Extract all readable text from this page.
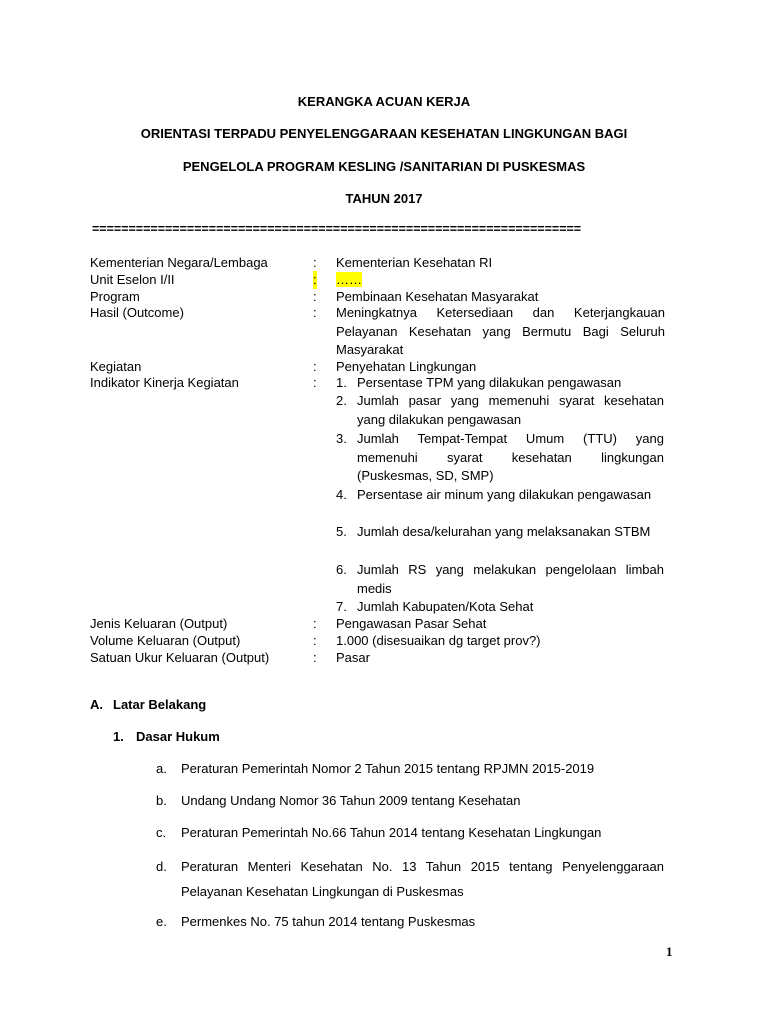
KERANGKA ACUAN KERJA
ORIENTASI TERPADU PENYELENGGARAAN KESEHATAN LINGKUNGAN BAGI
PENGELOLA PROGRAM KESLING /SANITARIAN DI PUSKESMAS
TAHUN 2017
===================================================================
Kementerian Negara/Lembaga	: Kementerian Kesehatan RI
Unit Eselon I/II	: ……
Program	: Pembinaan Kesehatan Masyarakat
Hasil (Outcome)	: Meningkatnya Ketersediaan dan Keterjangkauan Pelayanan Kesehatan yang Bermutu Bagi Seluruh Masyarakat
Kegiatan	: Penyehatan Lingkungan
Indikator Kinerja Kegiatan	: 1. Persentase TPM yang dilakukan pengawasan
2. Jumlah pasar yang memenuhi syarat kesehatan yang dilakukan pengawasan
3. Jumlah Tempat-Tempat Umum (TTU) yang memenuhi syarat kesehatan lingkungan (Puskesmas, SD, SMP)
4. Persentase air minum yang dilakukan pengawasan
5. Jumlah desa/kelurahan yang melaksanakan STBM
6. Jumlah RS yang melakukan pengelolaan limbah medis
7. Jumlah Kabupaten/Kota Sehat
Jenis Keluaran (Output)	: Pengawasan Pasar Sehat
Volume Keluaran (Output)	: 1.000 (disesuaikan dg target prov?)
Satuan Ukur Keluaran (Output)	: Pasar
A. Latar Belakang
1. Dasar Hukum
a. Peraturan Pemerintah Nomor 2 Tahun 2015 tentang RPJMN 2015-2019
b. Undang Undang Nomor 36 Tahun 2009 tentang Kesehatan
c. Peraturan Pemerintah No.66 Tahun 2014 tentang Kesehatan Lingkungan
d. Peraturan Menteri Kesehatan No. 13 Tahun 2015 tentang Penyelenggaraan Pelayanan Kesehatan Lingkungan di Puskesmas
e. Permenkes No. 75 tahun 2014 tentang Puskesmas
1
